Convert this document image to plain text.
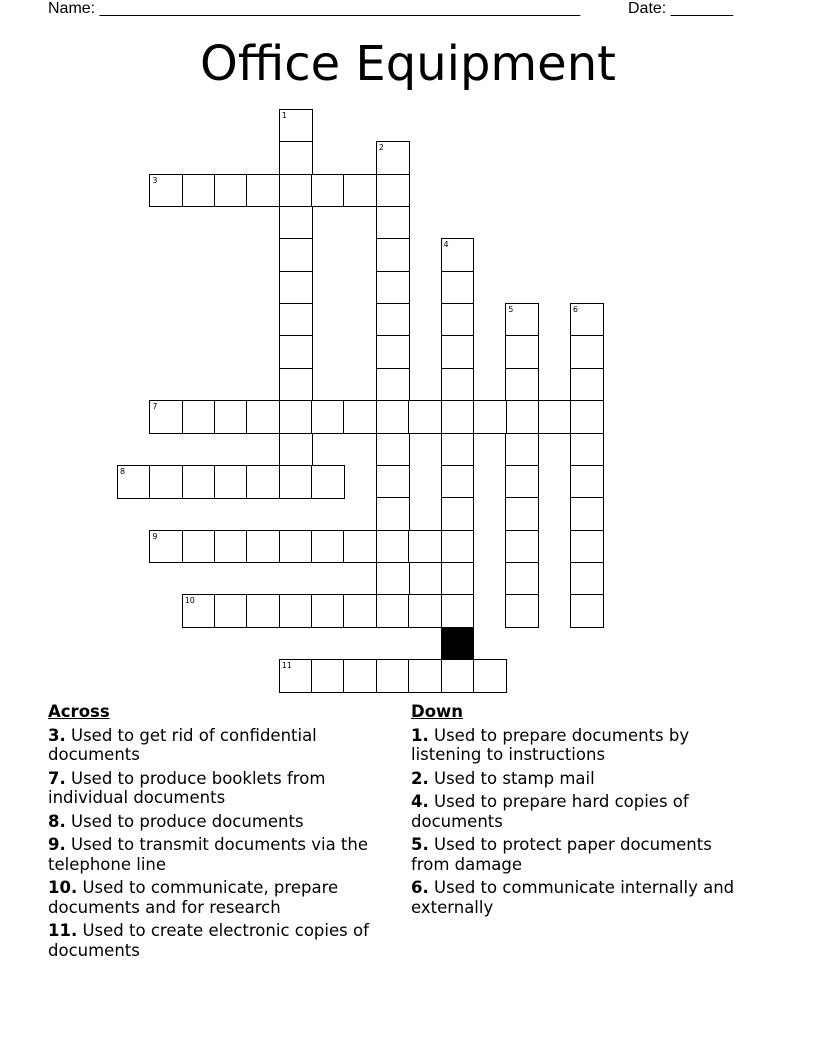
Name: ______________________________________________________	Date: _______
Office Equipment
1
2
3
4
5	6
7
8
9
10
11
Across
3. Used to get rid of confidential documents
7. Used to produce booklets from individual documents
8. Used to produce documents
9. Used to transmit documents via the telephone line
10. Used to communicate, prepare documents and for research
11. Used to create electronic copies of documents
Down
1. Used to prepare documents by listening to instructions
2. Used to stamp mail
4. Used to prepare hard copies of documents
5. Used to protect paper documents from damage
6. Used to communicate internally and externally
